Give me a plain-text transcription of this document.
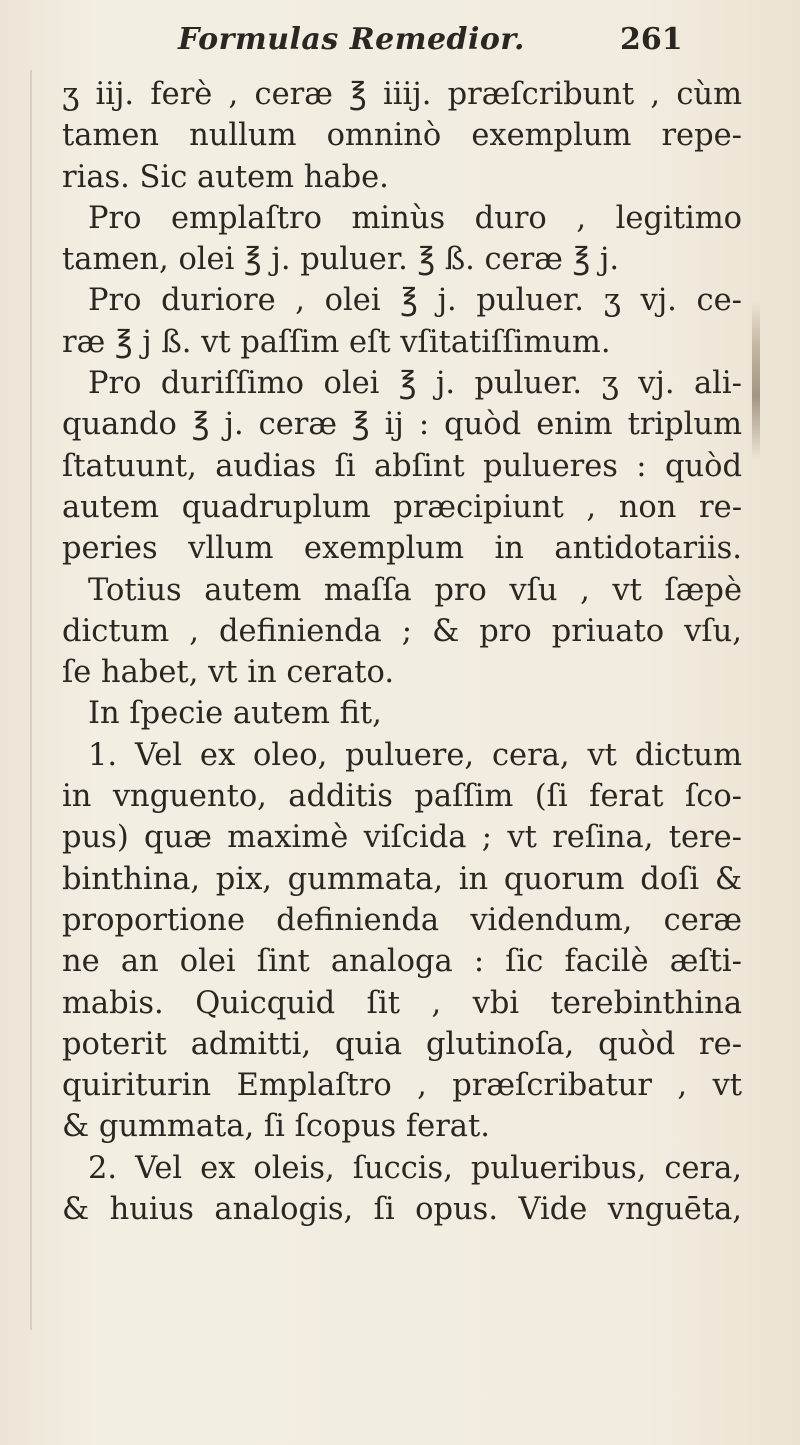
Formulas Remedior.	261
ʒ iij. ferè , ceræ ℥ iiij. præſcribunt , cùm
tamen nullum omninò exemplum repe-
rias. Sic autem habe.
Pro emplaſtro minùs duro , legitimo
tamen, olei ℥ j. puluer. ℥ ß. ceræ ℥ j.
Pro duriore , olei ℥ j. puluer. ʒ vj. ce-
ræ ℥ j ß. vt paſſim eſt vſitatiſſimum.
Pro duriſſimo olei ℥ j. puluer. ʒ vj. ali-
quando ℥ j. ceræ ℥ ij : quòd enim triplum
ſtatuunt, audias ſi abſint pulueres : quòd
autem quadruplum præcipiunt , non re-
peries vllum exemplum in antidotariis.
Totius autem maſſa pro vſu , vt ſæpè
dictum , definienda ; & pro priuato vſu,
ſe habet, vt in cerato.
In ſpecie autem fit,
1. Vel ex oleo, puluere, cera, vt dictum
in vnguento, additis paſſim (ſi ferat ſco-
pus) quæ maximè viſcida ; vt reſina, tere-
binthina, pix, gummata, in quorum doſi &
proportione definienda videndum, ceræ
ne an olei ſint analoga : ſic facilè æſti-
mabis. Quicquid ſit , vbi terebinthina
poterit admitti, quia glutinoſa, quòd re-
quiriturin Emplaſtro , præſcribatur , vt
& gummata, ſi ſcopus ferat.
2. Vel ex oleis, ſuccis, pulueribus, cera,
& huius analogis, ſi opus. Vide vnguēta,
